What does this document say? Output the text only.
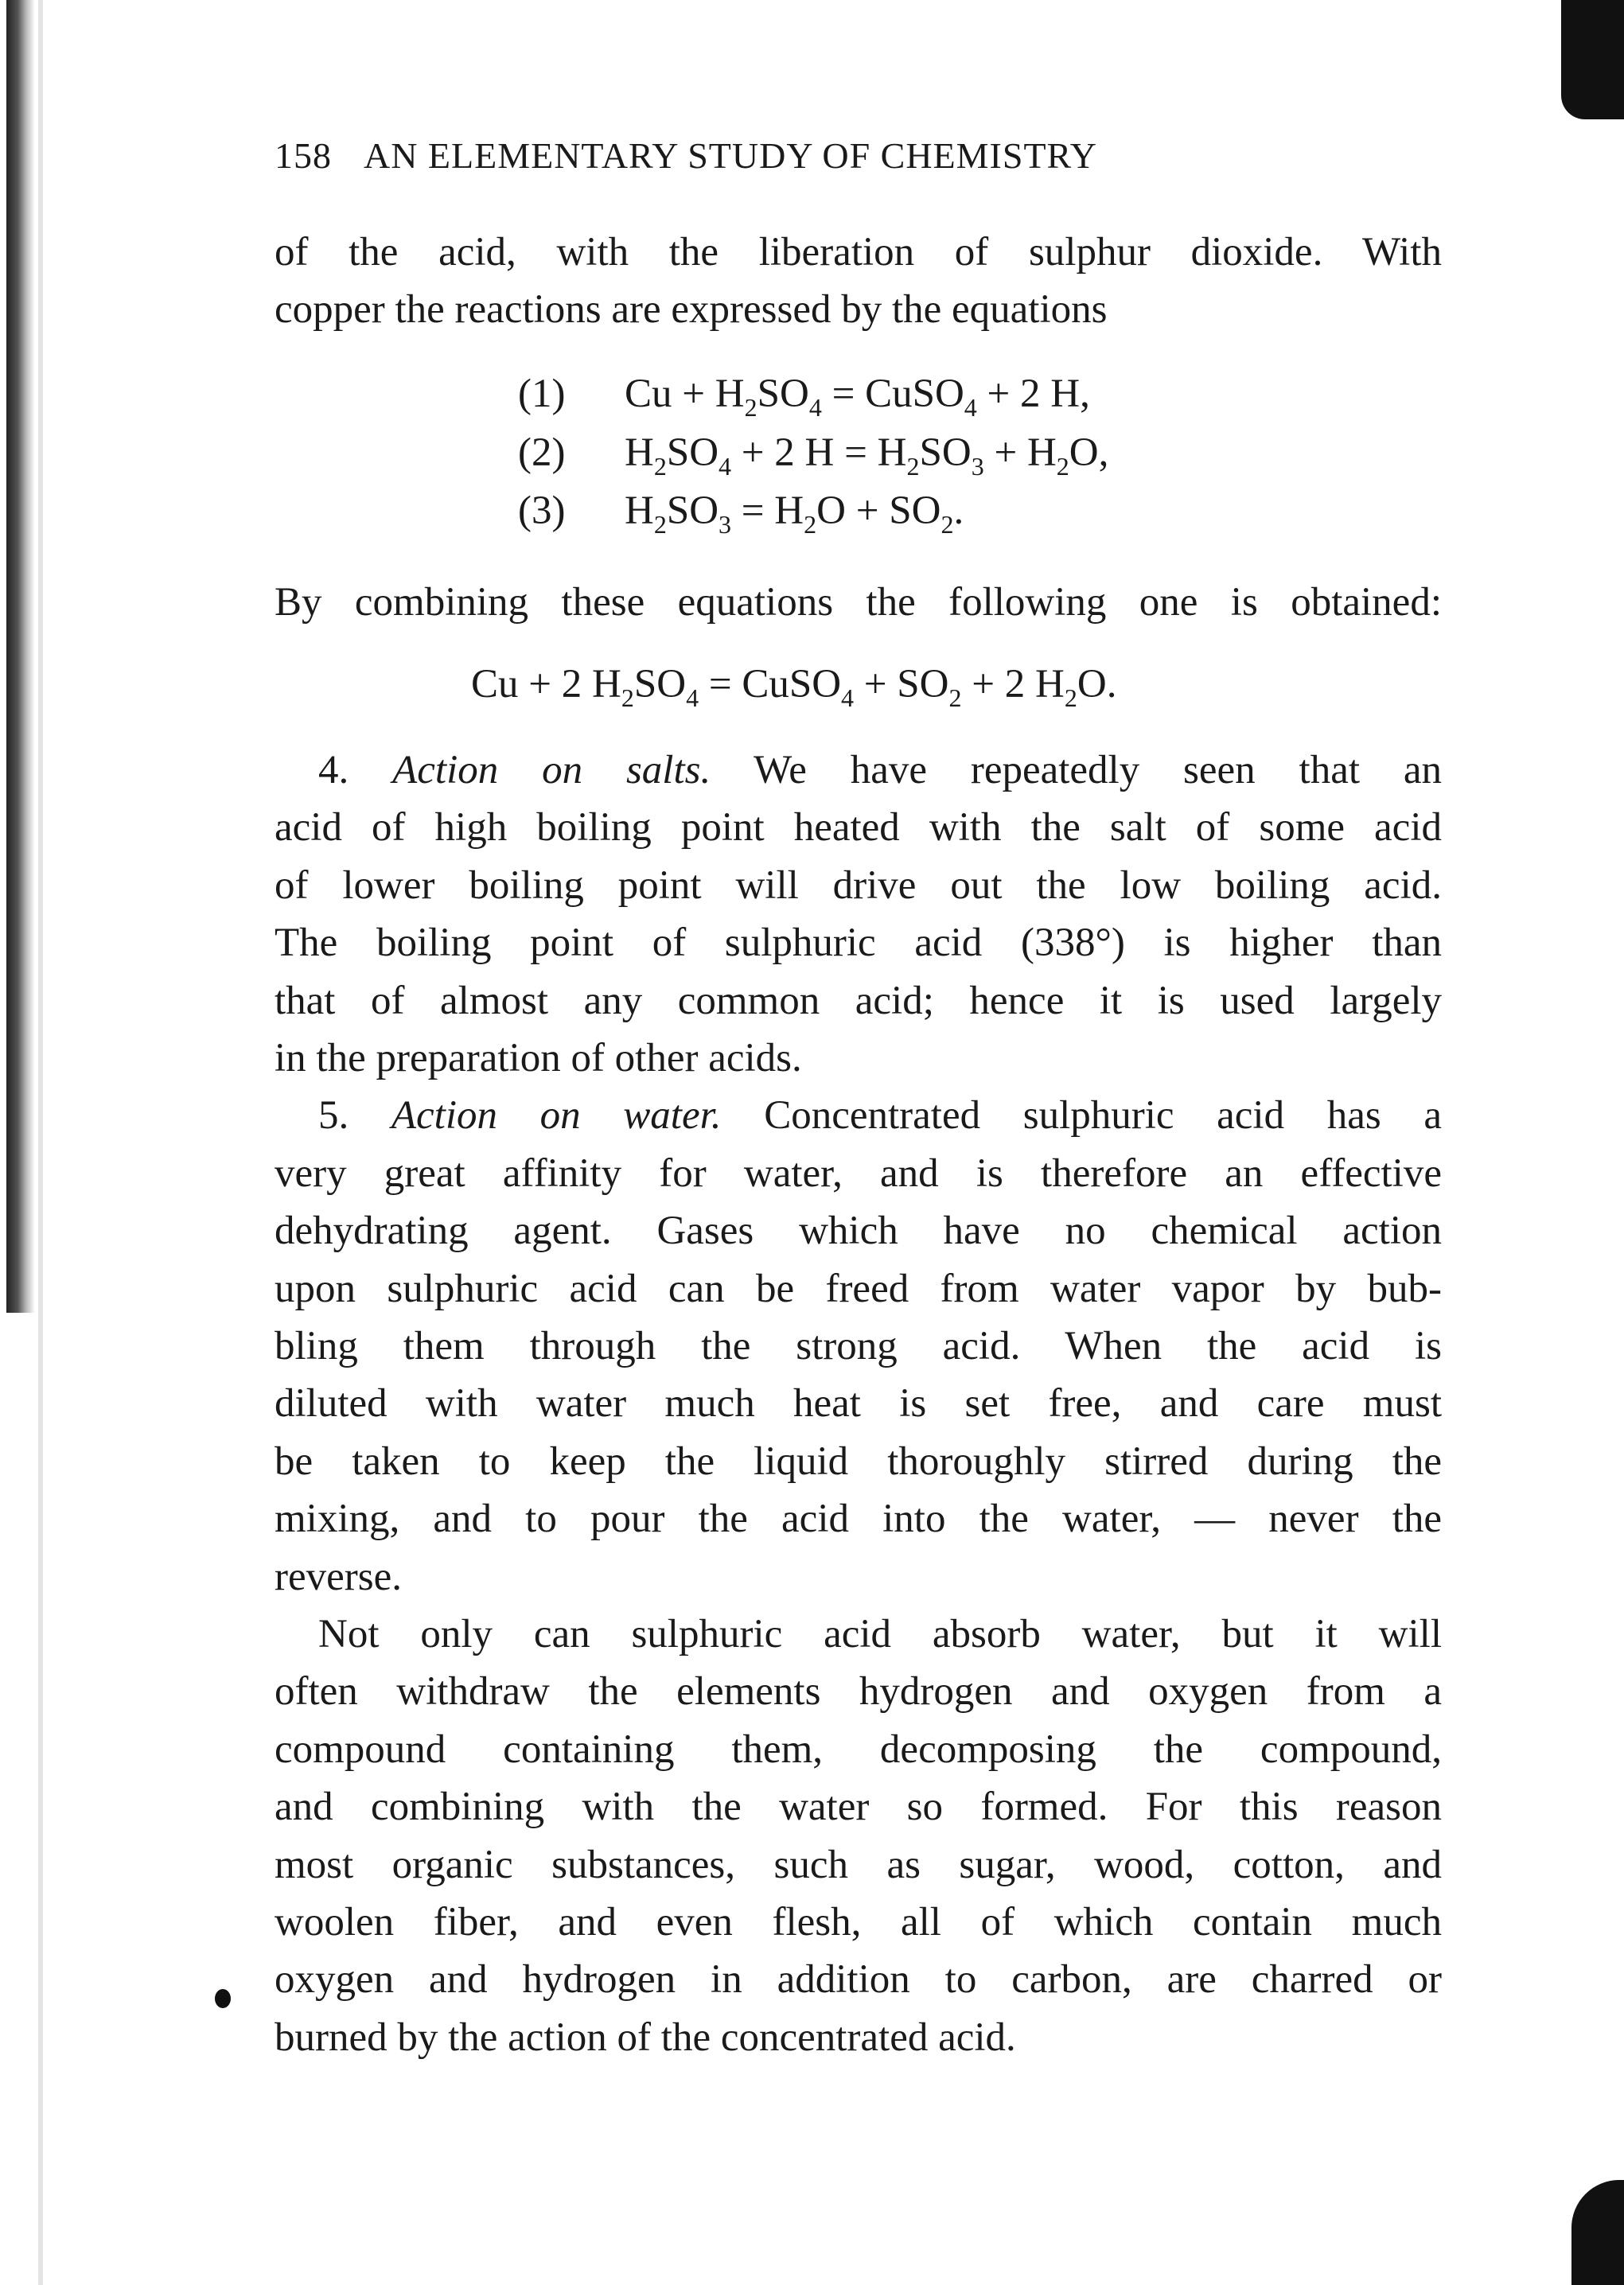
158 AN ELEMENTARY STUDY OF CHEMISTRY
of the acid, with the liberation of sulphur dioxide. With
copper the reactions are expressed by the equations
(1) $Cu + H_2SO_4$ = CuSO$_4$ + 2 H,
(2) $H_2SO_4 + 2$ $H = H_2SO_3 + H_2O$,
(3) $H_2SO_3 = H_2O + SO_2$.
By combining these equations the following one is obtained:
Cu + 2 $H_2SO_4$ = CuSO$_4$ + $SO_2 + 2$ $H_2O$.
4. Action on salts. We have repeatedly seen that an
acid of high boiling point heated with the salt of some acid
of lower boiling point will drive out the low boiling acid.
The boiling point of sulphuric acid (338°) is higher than
that of almost any common acid; hence it is used largely
in the preparation of other acids.
5. Action on water. Concentrated sulphuric acid has a
very great affinity for water, and is therefore an effective
dehydrating agent. Gases which have no chemical action
upon sulphuric acid can be freed from water vapor by bub-
bling them through the strong acid. When the acid is
diluted with water much heat is set free, and care must
be taken to keep the liquid thoroughly stirred during the
mixing, and to pour the acid into the water, — never the
reverse.
Not only can sulphuric acid absorb water, but it will
often withdraw the elements hydrogen and oxygen from a
compound containing them, decomposing the compound,
and combining with the water so formed. For this reason
most organic substances, such as sugar, wood, cotton, and
woolen fiber, and even flesh, all of which contain much
oxygen and hydrogen in addition to carbon, are charred or
burned by the action of the concentrated acid.
